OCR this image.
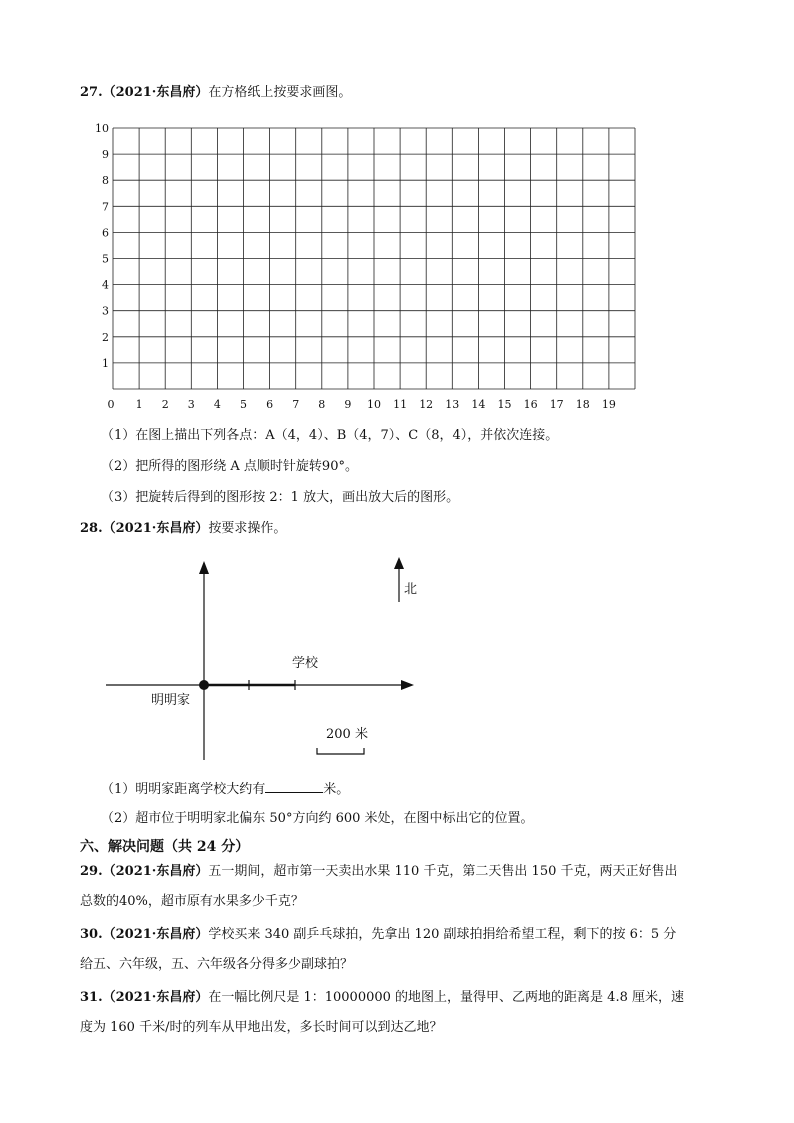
27.（2021·东昌府）在方格纸上按要求画图。
1
2
3
4
5
6
7
8
9
10
0 1 2 3 4 5 6 7 8 9 10 11 12 13 14 15 16 17 18 19
（1）在图上描出下列各点：A（4，4）、B（4，7）、C（8，4），并依次连接。
（2）把所得的图形绕 A 点顺时针旋转90°。
（3）把旋转后得到的图形按 2：1 放大，画出放大后的图形。
28.（2021·东昌府）按要求操作。
学校
明明家
北
200 米
（1）明明家距离学校大约有	米。
（2）超市位于明明家北偏东 50°方向约 600 米处，在图中标出它的位置。
六、解决问题（共 24 分）
29.（2021·东昌府）五一期间，超市第一天卖出水果 110 千克，第二天售出 150 千克，两天正好售出
总数的40%，超市原有水果多少千克？
30.（2021·东昌府）学校买来 340 副乒乓球拍，先拿出 120 副球拍捐给希望工程，剩下的按 6：5 分
给五、六年级，五、六年级各分得多少副球拍？
31.（2021·东昌府）在一幅比例尺是 1：10000000 的地图上，量得甲、乙两地的距离是 4.8 厘米，速
度为 160 千米/时的列车从甲地出发，多长时间可以到达乙地？
